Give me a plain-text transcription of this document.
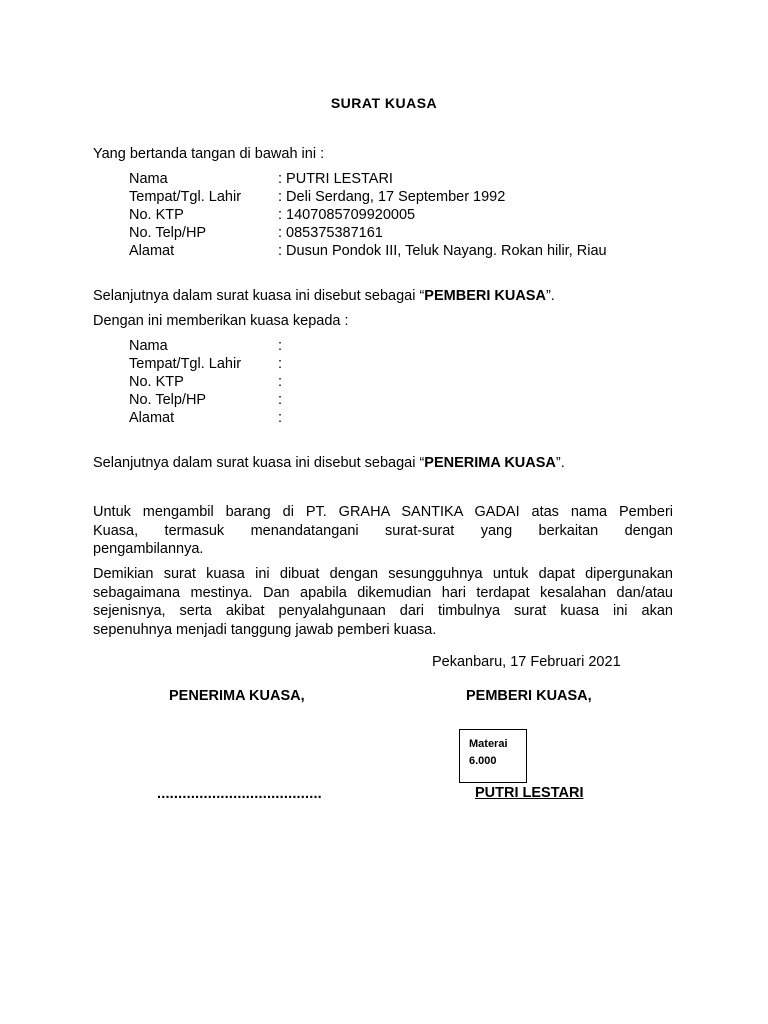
SURAT KUASA
Yang bertanda tangan di bawah ini :
Nama	: PUTRI LESTARI
Tempat/Tgl. Lahir	: Deli Serdang, 17 September 1992
No. KTP	: 1407085709920005
No. Telp/HP	: 085375387161
Alamat	: Dusun Pondok III, Teluk Nayang. Rokan hilir, Riau
Selanjutnya dalam surat kuasa ini disebut sebagai “PEMBERI KUASA”.
Dengan ini memberikan kuasa kepada :
Nama	:
Tempat/Tgl. Lahir	:
No. KTP	:
No. Telp/HP	:
Alamat	:
Selanjutnya dalam surat kuasa ini disebut sebagai “PENERIMA KUASA”.
Untuk mengambil barang di PT. GRAHA SANTIKA GADAI atas nama Pemberi
Kuasa, termasuk menandatangani surat-surat yang berkaitan dengan
pengambilannya.
Demikian surat kuasa ini dibuat dengan sesungguhnya untuk dapat dipergunakan
sebagaimana mestinya. Dan apabila dikemudian hari terdapat kesalahan dan/atau
sejenisnya, serta akibat penyalahgunaan dari timbulnya surat kuasa ini akan
sepenuhnya menjadi tanggung jawab pemberi kuasa.
Pekanbaru, 17 Februari 2021
PENERIMA KUASA,	PEMBERI KUASA,
Materai
6.000
.......................................	PUTRI LESTARI
